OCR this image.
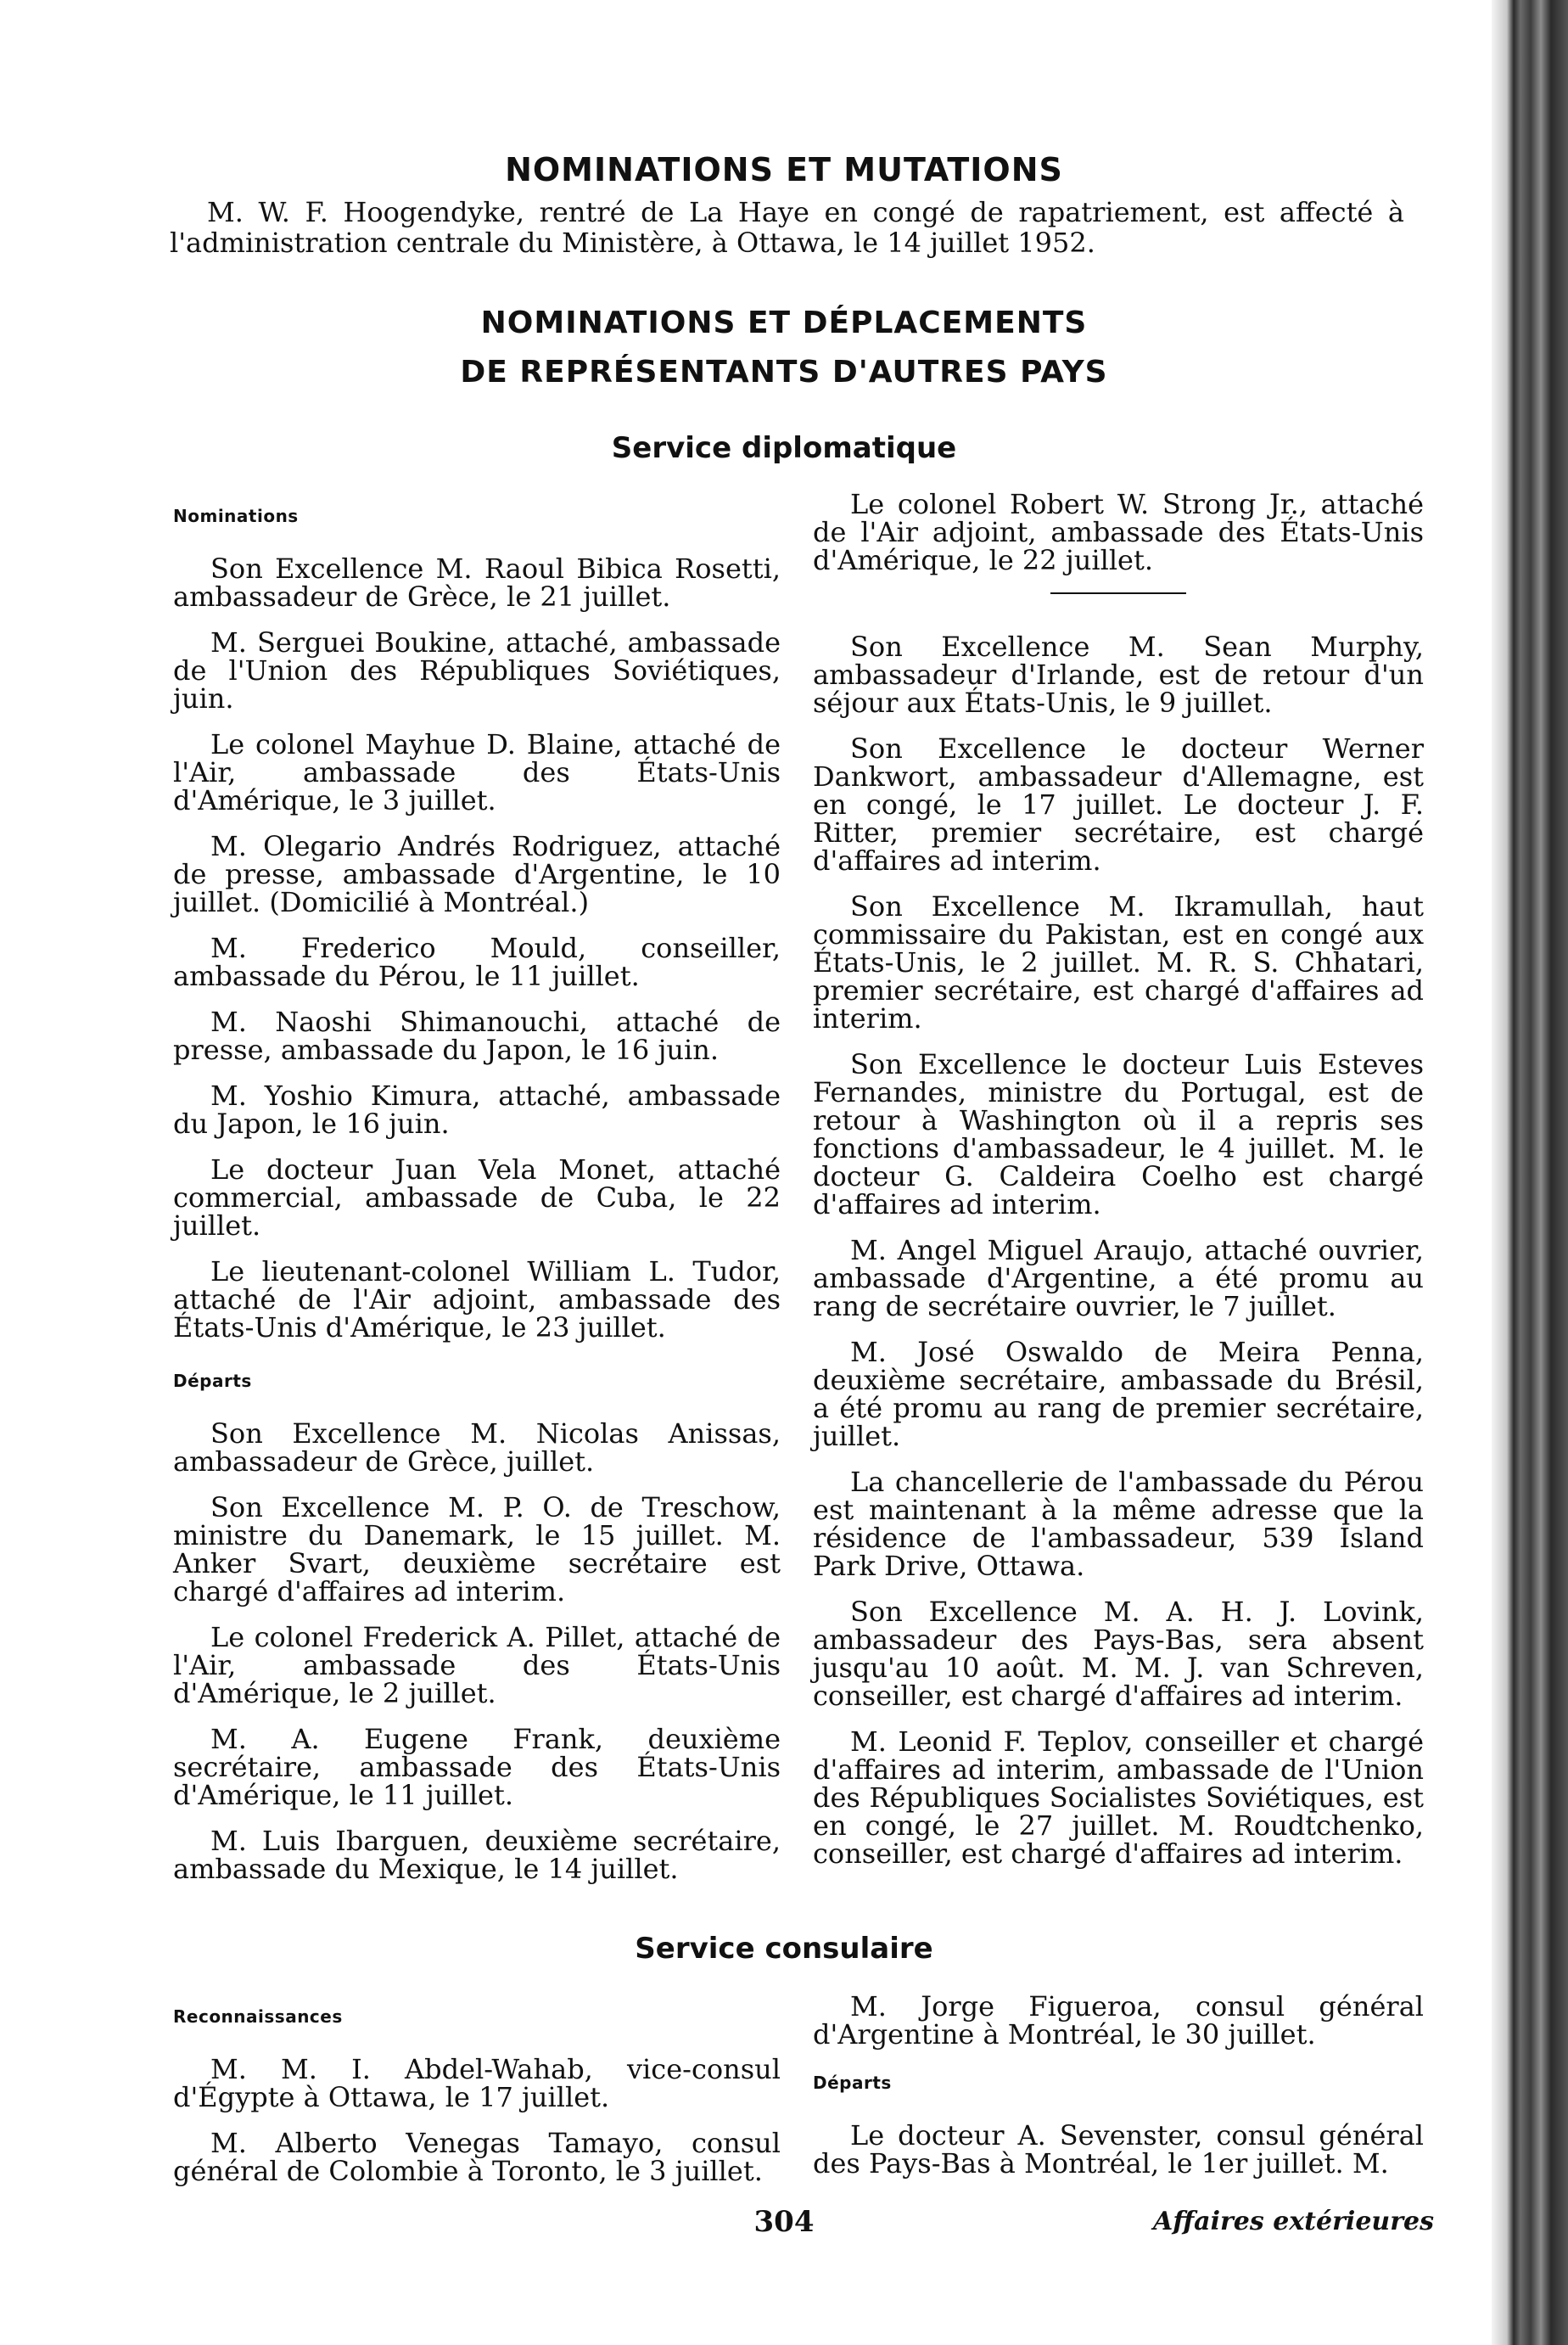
NOMINATIONS ET MUTATIONS
M. W. F. Hoogendyke, rentré de La Haye en congé de rapatriement, est affecté à l'administration centrale du Ministère, à Ottawa, le 14 juillet 1952.
NOMINATIONS ET DÉPLACEMENTS
DE REPRÉSENTANTS D'AUTRES PAYS
Service diplomatique
Nominations

Son Excellence M. Raoul Bibica Rosetti, ambassadeur de Grèce, le 21 juillet.

M. Serguei Boukine, attaché, ambassade de l'Union des Républiques Soviétiques, juin.

Le colonel Mayhue D. Blaine, attaché de l'Air, ambassade des États-Unis d'Amérique, le 3 juillet.

M. Olegario Andrés Rodriguez, attaché de presse, ambassade d'Argentine, le 10 juillet. (Domicilié à Montréal.)

M. Frederico Mould, conseiller, ambassade du Pérou, le 11 juillet.

M. Naoshi Shimanouchi, attaché de presse, ambassade du Japon, le 16 juin.

M. Yoshio Kimura, attaché, ambassade du Japon, le 16 juin.

Le docteur Juan Vela Monet, attaché commercial, ambassade de Cuba, le 22 juillet.

Le lieutenant-colonel William L. Tudor, attaché de l'Air adjoint, ambassade des États-Unis d'Amérique, le 23 juillet.

Départs

Son Excellence M. Nicolas Anissas, ambassadeur de Grèce, juillet.

Son Excellence M. P. O. de Treschow, ministre du Danemark, le 15 juillet. M. Anker Svart, deuxième secrétaire est chargé d'affaires ad interim.

Le colonel Frederick A. Pillet, attaché de l'Air, ambassade des États-Unis d'Amérique, le 2 juillet.

M. A. Eugene Frank, deuxième secrétaire, ambassade des États-Unis d'Amérique, le 11 juillet.

M. Luis Ibarguen, deuxième secrétaire, ambassade du Mexique, le 14 juillet.

Le colonel Robert W. Strong Jr., attaché de l'Air adjoint, ambassade des États-Unis d'Amérique, le 22 juillet.

Son Excellence M. Sean Murphy, ambassadeur d'Irlande, est de retour d'un séjour aux États-Unis, le 9 juillet.

Son Excellence le docteur Werner Dankwort, ambassadeur d'Allemagne, est en congé, le 17 juillet. Le docteur J. F. Ritter, premier secrétaire, est chargé d'affaires ad interim.

Son Excellence M. Ikramullah, haut commissaire du Pakistan, est en congé aux États-Unis, le 2 juillet. M. R. S. Chhatari, premier secrétaire, est chargé d'affaires ad interim.

Son Excellence le docteur Luis Esteves Fernandes, ministre du Portugal, est de retour à Washington où il a repris ses fonctions d'ambassadeur, le 4 juillet. M. le docteur G. Caldeira Coelho est chargé d'affaires ad interim.

M. Angel Miguel Araujo, attaché ouvrier, ambassade d'Argentine, a été promu au rang de secrétaire ouvrier, le 7 juillet.

M. José Oswaldo de Meira Penna, deuxième secrétaire, ambassade du Brésil, a été promu au rang de premier secrétaire, juillet.

La chancellerie de l'ambassade du Pérou est maintenant à la même adresse que la résidence de l'ambassadeur, 539 Island Park Drive, Ottawa.

Son Excellence M. A. H. J. Lovink, ambassadeur des Pays-Bas, sera absent jusqu'au 10 août. M. M. J. van Schreven, conseiller, est chargé d'affaires ad interim.

M. Leonid F. Teplov, conseiller et chargé d'affaires ad interim, ambassade de l'Union des Républiques Socialistes Soviétiques, est en congé, le 27 juillet. M. Roudtchenko, conseiller, est chargé d'affaires ad interim.

Service consulaire
Reconnaissances

M. M. I. Abdel-Wahab, vice-consul d'Égypte à Ottawa, le 17 juillet.

M. Alberto Venegas Tamayo, consul général de Colombie à Toronto, le 3 juillet.

M. Jorge Figueroa, consul général d'Argentine à Montréal, le 30 juillet.

Départs

Le docteur A. Sevenster, consul général des Pays-Bas à Montréal, le 1er juillet. M.

304	Affaires extérieures
